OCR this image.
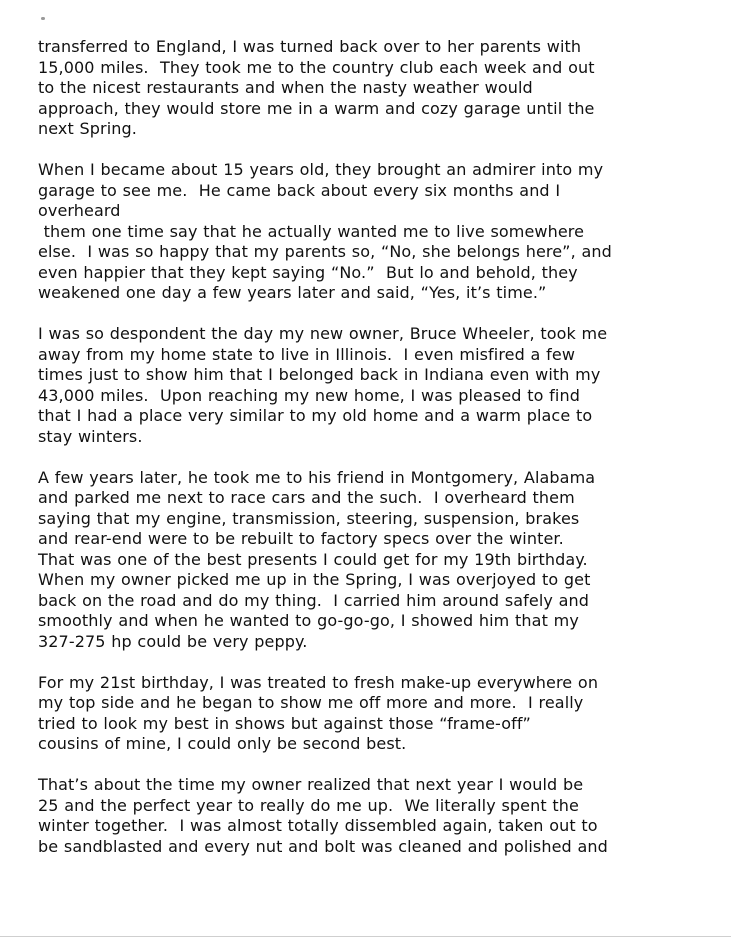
transferred to England, I was turned back over to her parents with
15,000 miles.  They took me to the country club each week and out
to the nicest restaurants and when the nasty weather would
approach, they would store me in a warm and cozy garage until the
next Spring.

When I became about 15 years old, they brought an admirer into my
garage to see me.  He came back about every six months and I
overheard
them one time say that he actually wanted me to live somewhere
else.  I was so happy that my parents so, “No, she belongs here”, and
even happier that they kept saying “No.”  But lo and behold, they
weakened one day a few years later and said, “Yes, it’s time.”

I was so despondent the day my new owner, Bruce Wheeler, took me
away from my home state to live in Illinois.  I even misfired a few
times just to show him that I belonged back in Indiana even with my
43,000 miles.  Upon reaching my new home, I was pleased to find
that I had a place very similar to my old home and a warm place to
stay winters.

A few years later, he took me to his friend in Montgomery, Alabama
and parked me next to race cars and the such.  I overheard them
saying that my engine, transmission, steering, suspension, brakes
and rear-end were to be rebuilt to factory specs over the winter.
That was one of the best presents I could get for my 19th birthday.
When my owner picked me up in the Spring, I was overjoyed to get
back on the road and do my thing.  I carried him around safely and
smoothly and when he wanted to go-go-go, I showed him that my
327-275 hp could be very peppy.

For my 21st birthday, I was treated to fresh make-up everywhere on
my top side and he began to show me off more and more.  I really
tried to look my best in shows but against those “frame-off”
cousins of mine, I could only be second best.

That’s about the time my owner realized that next year I would be
25 and the perfect year to really do me up.  We literally spent the
winter together.  I was almost totally dissembled again, taken out to
be sandblasted and every nut and bolt was cleaned and polished and
